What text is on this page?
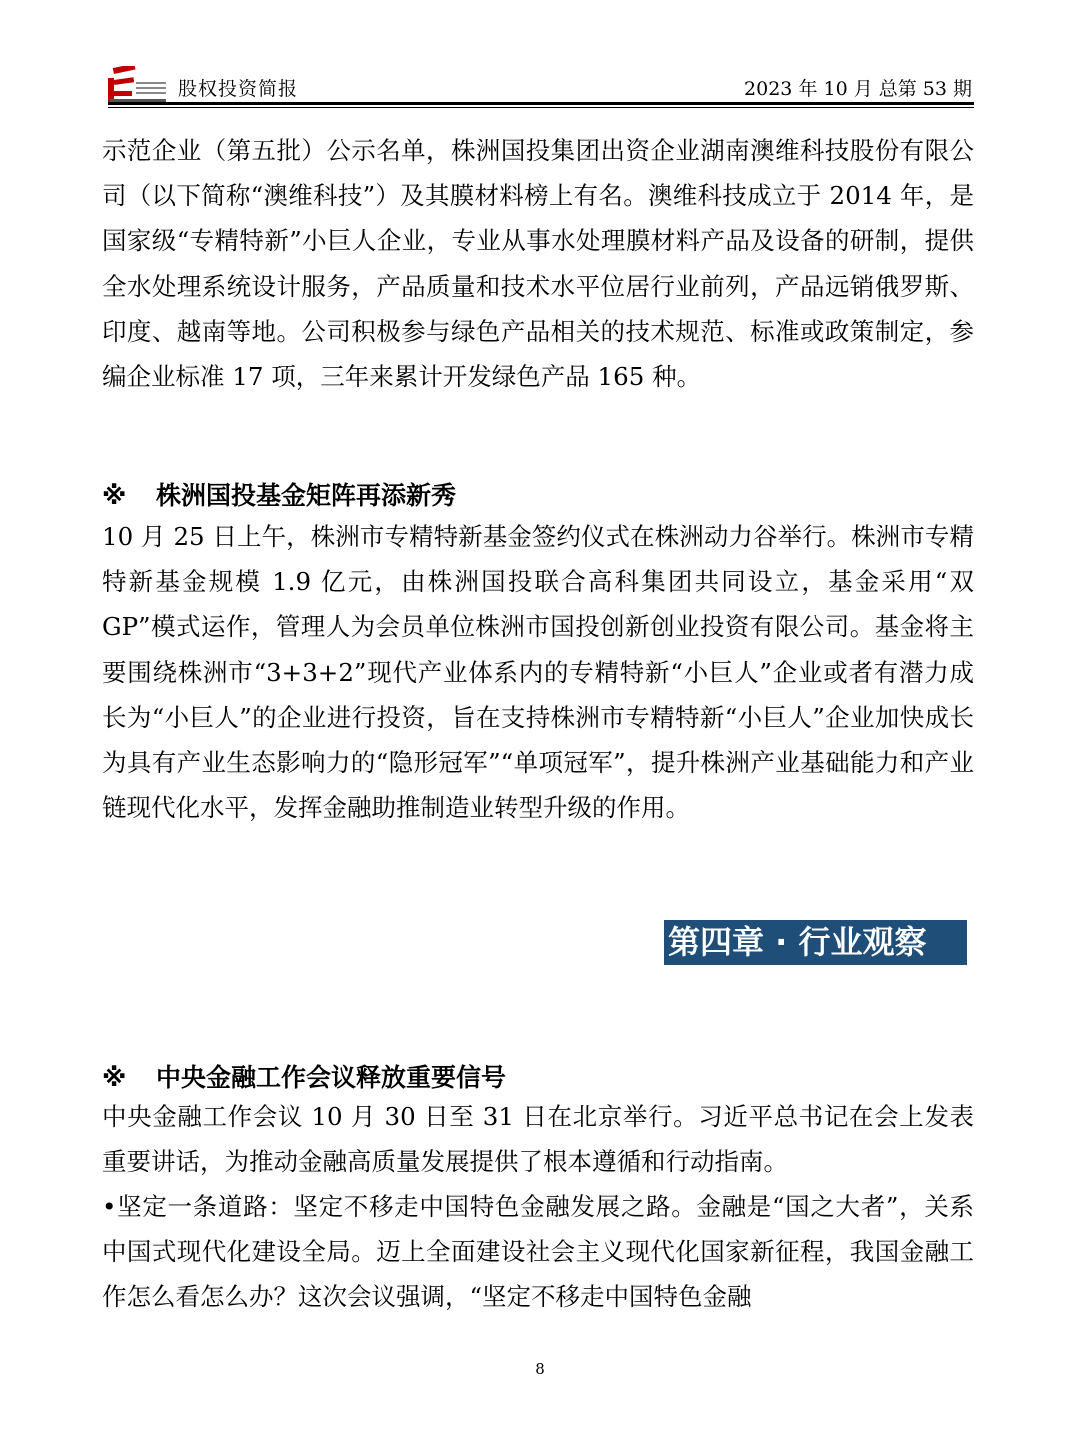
股权投资简报	2023 年 10 月 总第 53 期

示范企业（第五批）公示名单，株洲国投集团出资企业湖南澳维科技股份有限公司（以下简称“澳维科技”）及其膜材料榜上有名。澳维科技成立于 2014 年，是国家级“专精特新”小巨人企业，专业从事水处理膜材料产品及设备的研制，提供全水处理系统设计服务，产品质量和技术水平位居行业前列，产品远销俄罗斯、印度、越南等地。公司积极参与绿色产品相关的技术规范、标准或政策制定，参编企业标准 17 项，三年来累计开发绿色产品 165 种。

※ 株洲国投基金矩阵再添新秀

10 月 25 日上午，株洲市专精特新基金签约仪式在株洲动力谷举行。株洲市专精特新基金规模 1.9 亿元，由株洲国投联合高科集团共同设立，基金采用“双 GP”模式运作，管理人为会员单位株洲市国投创新创业投资有限公司。基金将主要围绕株洲市“3+3+2”现代产业体系内的专精特新“小巨人”企业或者有潜力成长为“小巨人”的企业进行投资，旨在支持株洲市专精特新“小巨人”企业加快成长为具有产业生态影响力的“隐形冠军”“单项冠军”，提升株洲产业基础能力和产业链现代化水平，发挥金融助推制造业转型升级的作用。

第四章 · 行业观察
※ 中央金融工作会议释放重要信号

中央金融工作会议 10 月 30 日至 31 日在北京举行。习近平总书记在会上发表重要讲话，为推动金融高质量发展提供了根本遵循和行动指南。

•坚定一条道路：坚定不移走中国特色金融发展之路。金融是“国之大者”，关系中国式现代化建设全局。迈上全面建设社会主义现代化国家新征程，我国金融工作怎么看怎么办？这次会议强调，“坚定不移走中国特色金融

8
